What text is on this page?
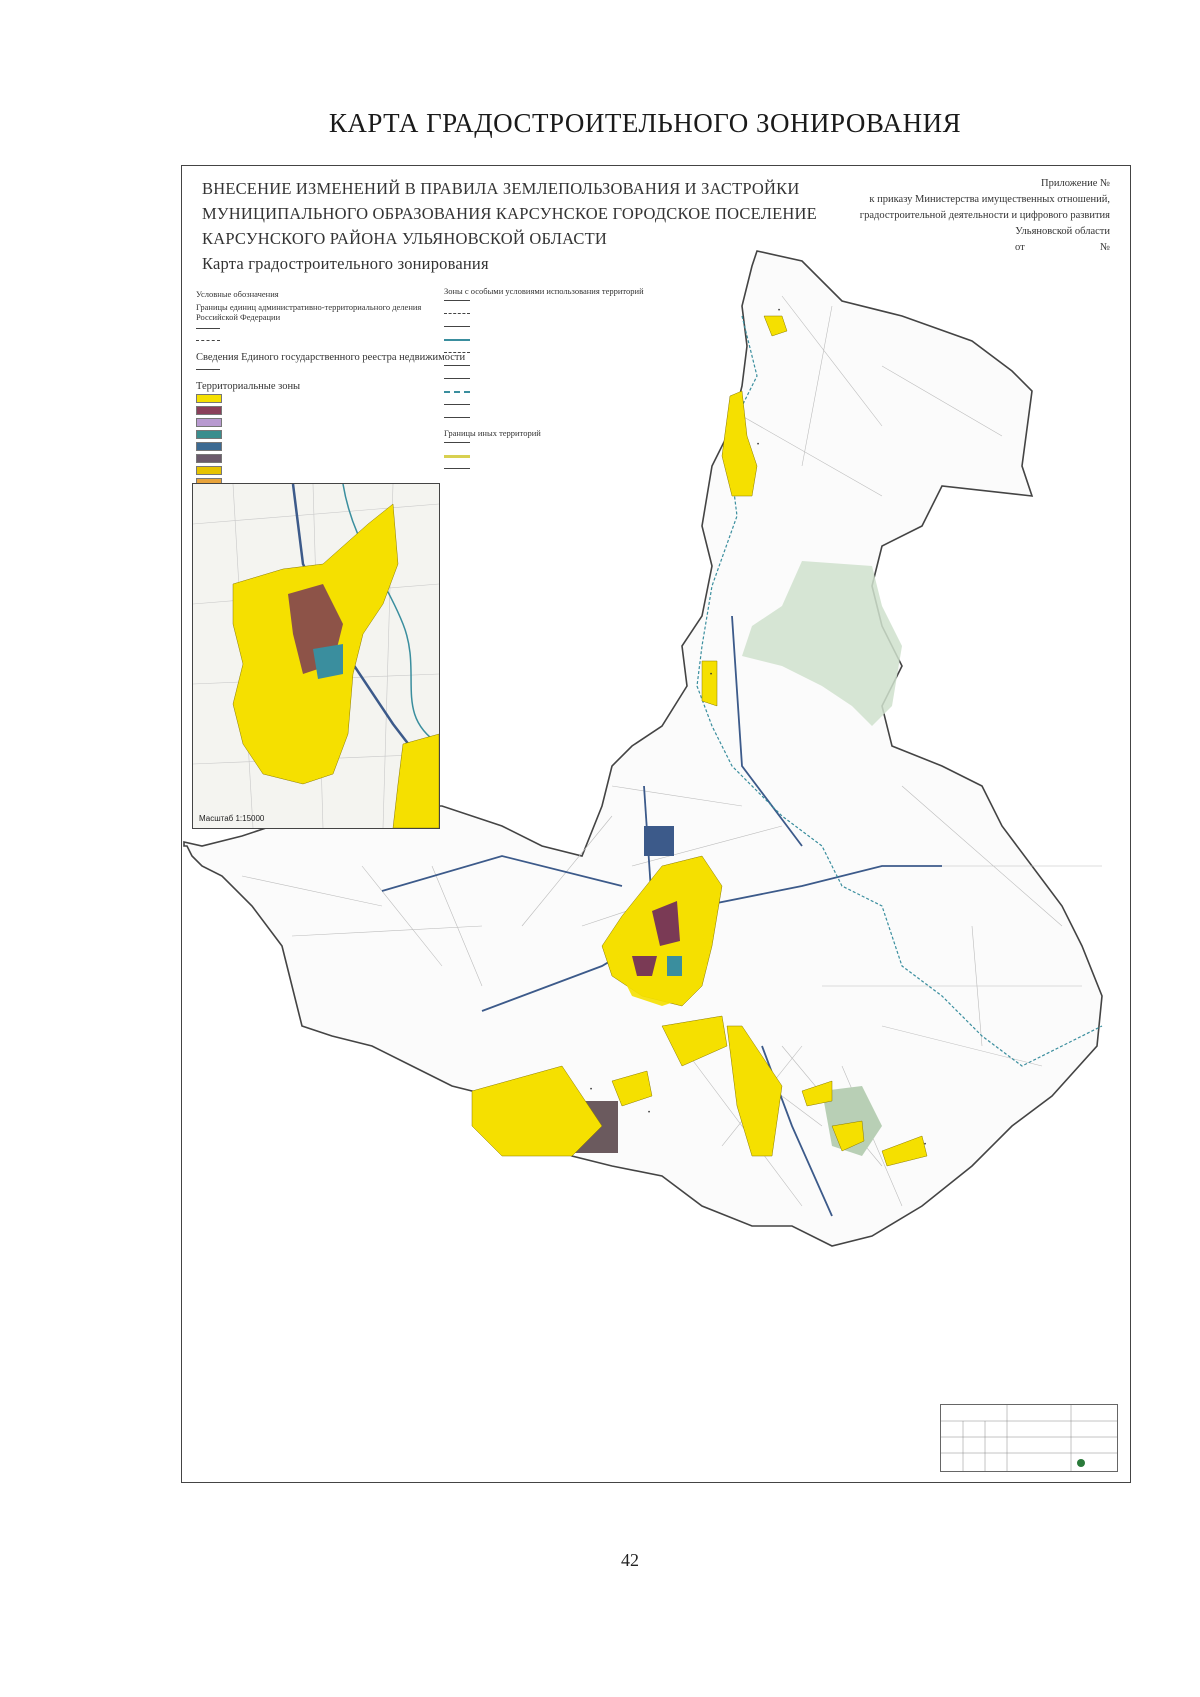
КАРТА ГРАДОСТРОИТЕЛЬНОГО ЗОНИРОВАНИЯ
•
•
•
•
•
•
ВНЕСЕНИЕ ИЗМЕНЕНИЙ В ПРАВИЛА ЗЕМЛЕПОЛЬЗОВАНИЯ И ЗАСТРОЙКИ
МУНИЦИПАЛЬНОГО ОБРАЗОВАНИЯ КАРСУНСКОЕ ГОРОДСКОЕ ПОСЕЛЕНИЕ
КАРСУНСКОГО РАЙОНА УЛЬЯНОВСКОЙ ОБЛАСТИ
Карта градостроительного зонирования
Приложение №
к приказу Министерства имущественных отношений,
градостроительной деятельности и цифрового развития
Ульяновской области
от	№
Условные обозначения
Границы единиц административно-территориального деления Российской Федерации
Сведения Единого государственного реестра недвижимости
Территориальные зоны
Зоны с особыми условиями использования территорий
Границы иных территорий
Масштаб 1:15000
42
